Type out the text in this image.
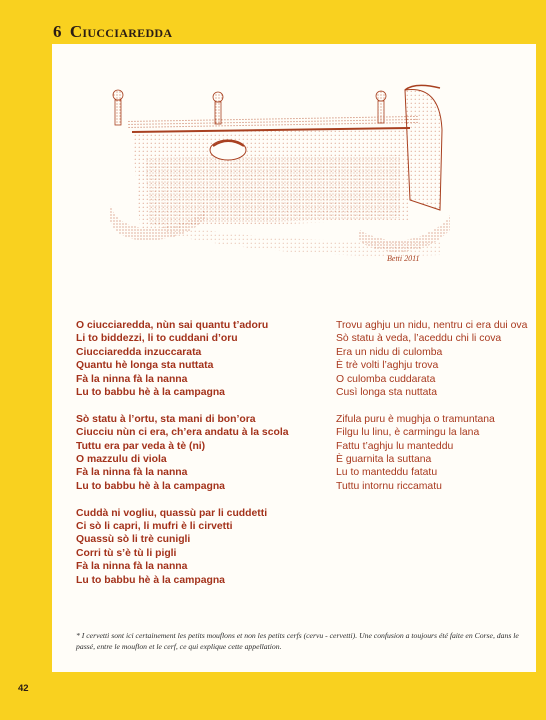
6 Ciucciaredda
Betti 2011
O ciucciaredda, nùn sai quantu t’adoru
Li to biddezzi, li to cuddani d’oru
Ciucciaredda inzuccarata
Quantu hè longa sta nuttata
Fà la ninna fà la nanna
Lu to babbu hè à la campagna
Sò statu à l’ortu, sta mani di bon’ora
Ciucciu nùn ci era, ch’era andatu à la scola
Tuttu era par veda à tè (ni)
O mazzulu di viola
Fà la ninna fà la nanna
Lu to babbu hè à la campagna
Cuddà ni vogliu, quassù par li cuddetti
Ci sò li capri, li mufri è li cirvetti
Quassù sò li trè cunigli
Corri tù s’è tù li pigli
Fà la ninna fà la nanna
Lu to babbu hè à la campagna
Trovu aghju un nidu, nentru ci era dui ova
Sò statu à veda, l’aceddu chi li cova
Era un nidu di culomba
È trè volti l’aghju trova
O culomba cuddarata
Cusì longa sta nuttata
Zifula puru è mughja o tramuntana
Filgu lu linu, è carmingu la lana
Fattu t’aghju lu manteddu
È guarnita la suttana
Lu to manteddu fatatu
Tuttu intornu riccamatu
* I cervetti sont ici certainement les petits mouflons et non les petits cerfs (cervu - cervetti). Une confusion a toujours été faite en Corse, dans le passé, entre le mouflon et le cerf, ce qui explique cette appellation.
42
